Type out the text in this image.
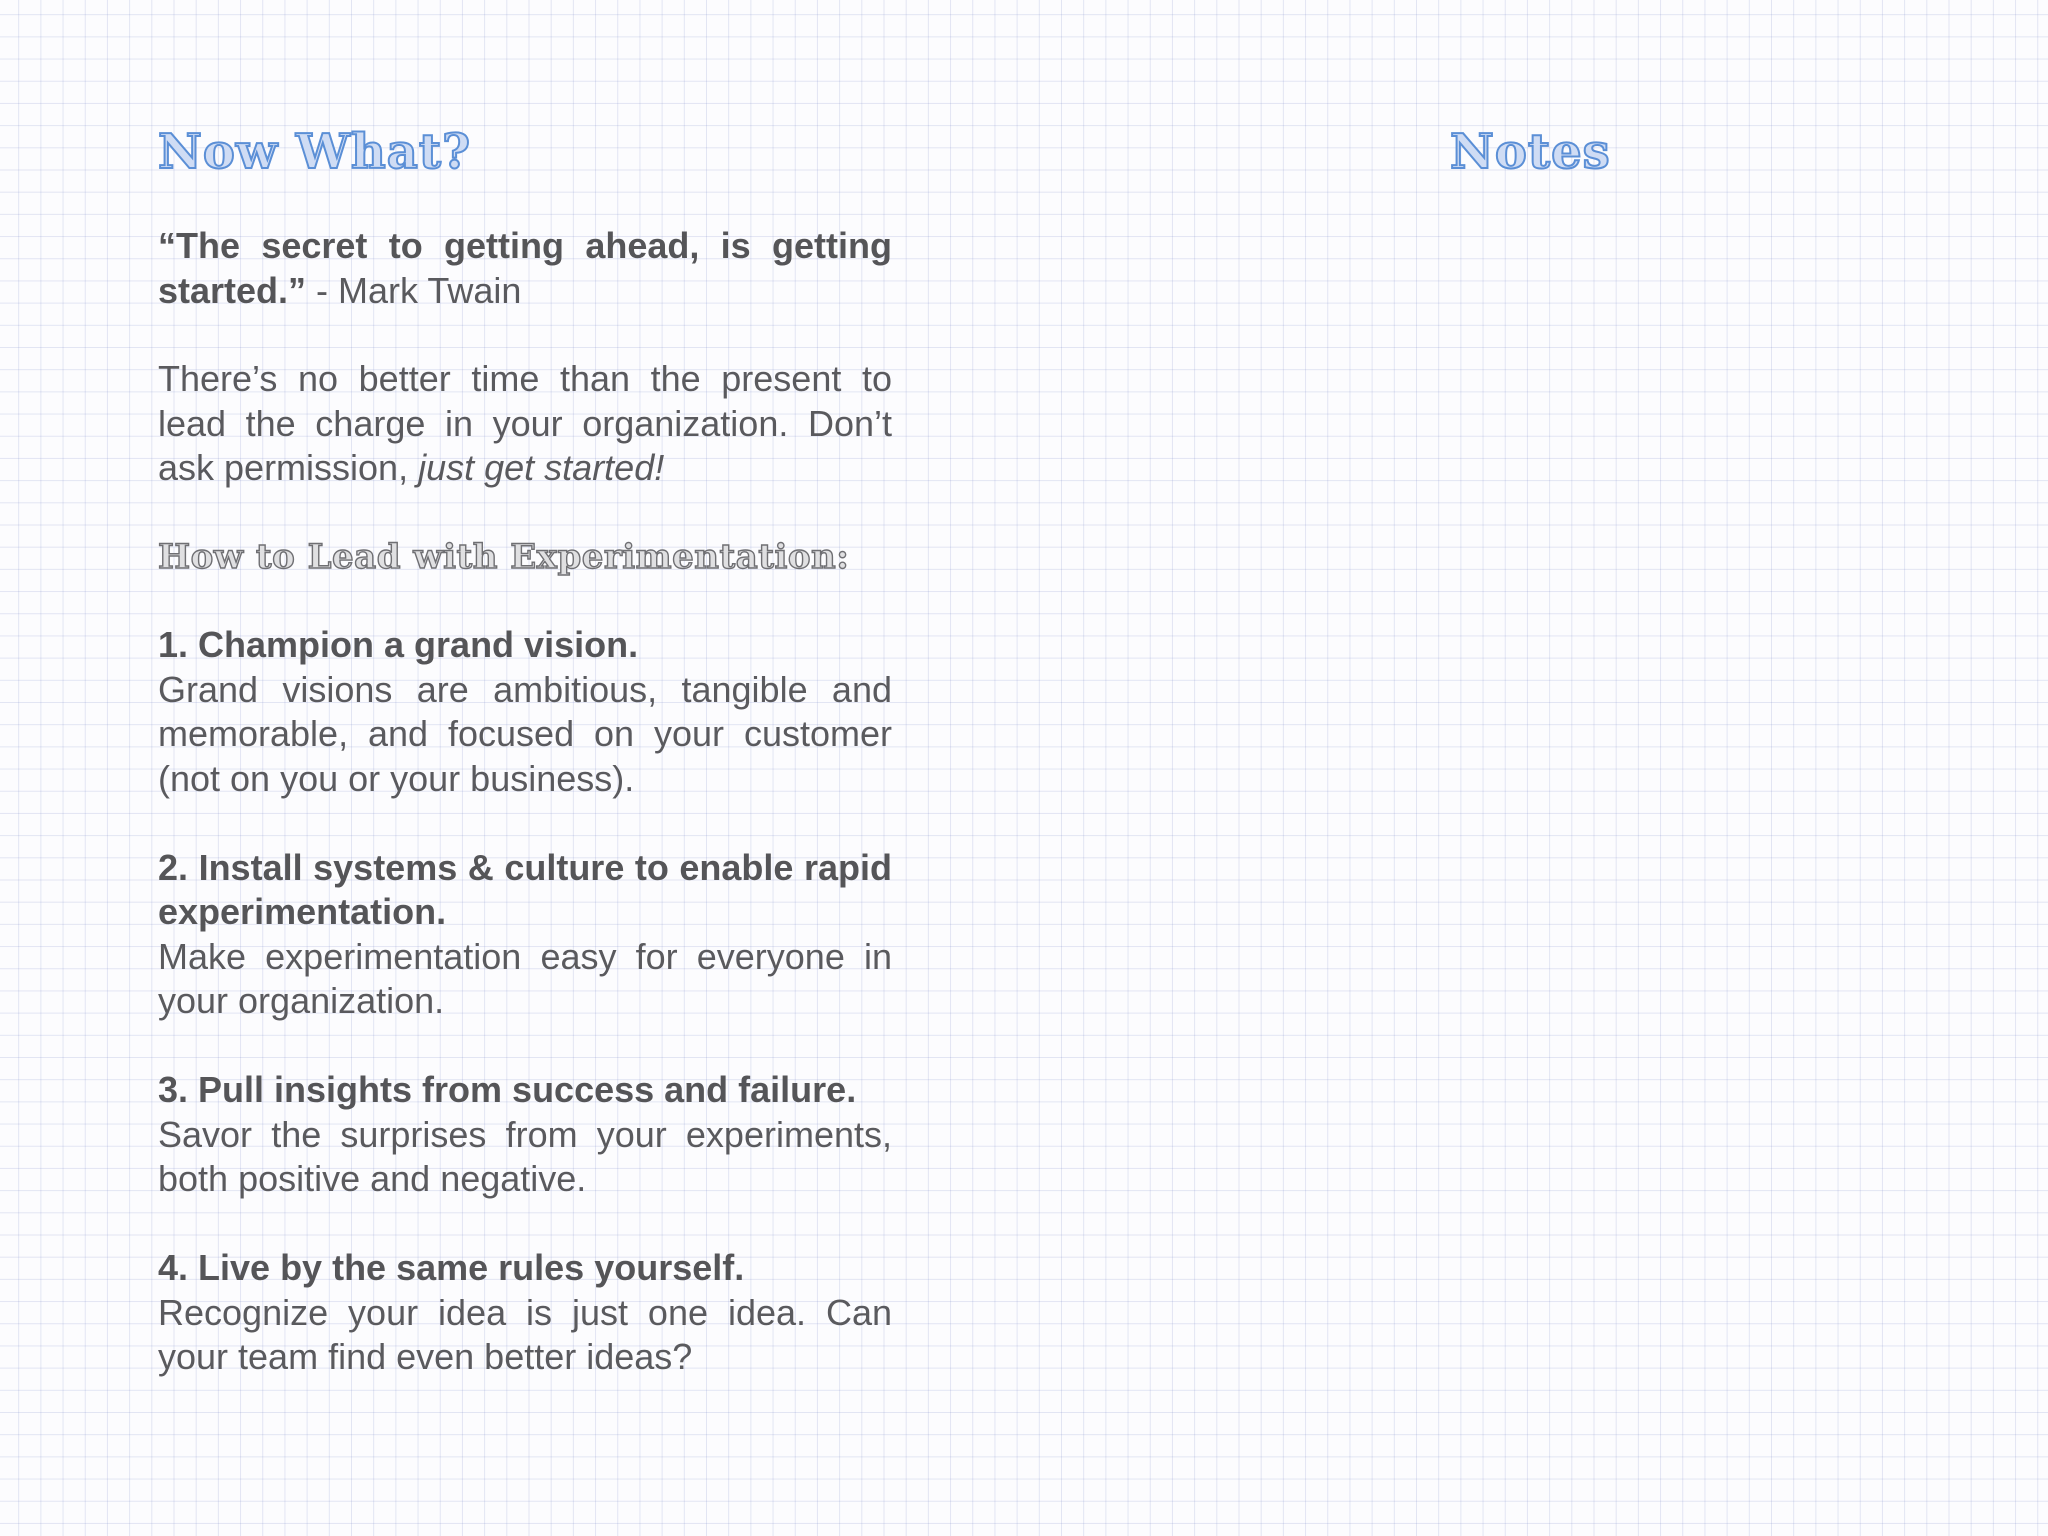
Now What?

“The secret to getting ahead, is getting started.” - Mark Twain

There’s no better time than the present to lead the charge in your organization. Don’t ask permission, just get started!

How to Lead with Experimentation:

1. Champion a grand vision.

Grand visions are ambitious, tangible and memorable, and focused on your customer (not on you or your business).

2. Install systems & culture to enable rapid experimentation.

Make experimentation easy for everyone in your organization.

3. Pull insights from success and failure.

Savor the surprises from your experiments, both positive and negative.

4. Live by the same rules yourself.

Recognize your idea is just one idea. Can your team find even better ideas?

Notes
